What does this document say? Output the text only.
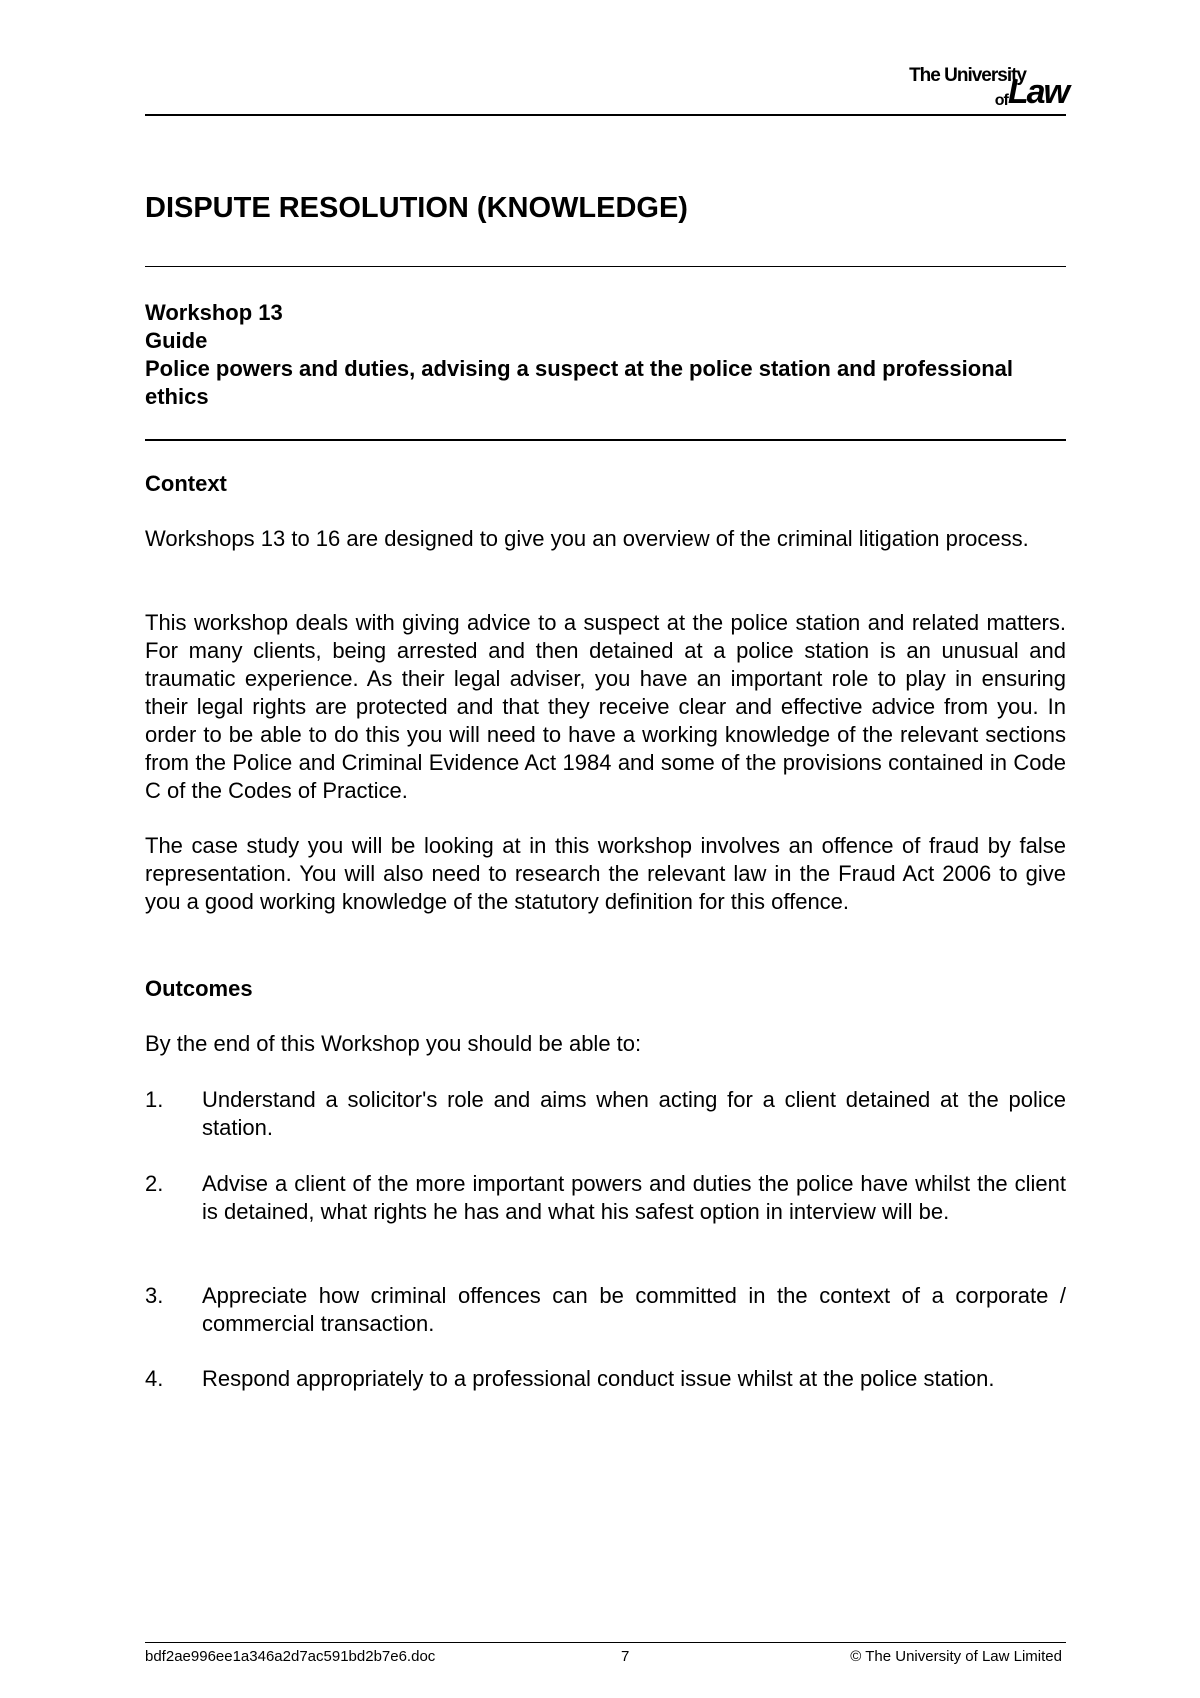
The University
ofLaw
DISPUTE RESOLUTION (KNOWLEDGE)
Workshop 13
Guide
Police powers and duties, advising a suspect at the police station and professional ethics
Context

Workshops 13 to 16 are designed to give you an overview of the criminal litigation process.

This workshop deals with giving advice to a suspect at the police station and related matters. For many clients, being arrested and then detained at a police station is an unusual and traumatic experience. As their legal adviser, you have an important role to play in ensuring their legal rights are protected and that they receive clear and effective advice from you. In order to be able to do this you will need to have a working knowledge of the relevant sections from the Police and Criminal Evidence Act 1984 and some of the provisions contained in Code C of the Codes of Practice.

The case study you will be looking at in this workshop involves an offence of fraud by false representation. You will also need to research the relevant law in the Fraud Act 2006 to give you a good working knowledge of the statutory definition for this offence.

Outcomes

By the end of this Workshop you should be able to:

1. Understand a solicitor's role and aims when acting for a client detained at the police station.
2. Advise a client of the more important powers and duties the police have whilst the client is detained, what rights he has and what his safest option in interview will be.
3. Appreciate how criminal offences can be committed in the context of a corporate / commercial transaction.
4. Respond appropriately to a professional conduct issue whilst at the police station.
bdf2ae996ee1a346a2d7ac591bd2b7e6.doc	7	© The University of Law Limited
